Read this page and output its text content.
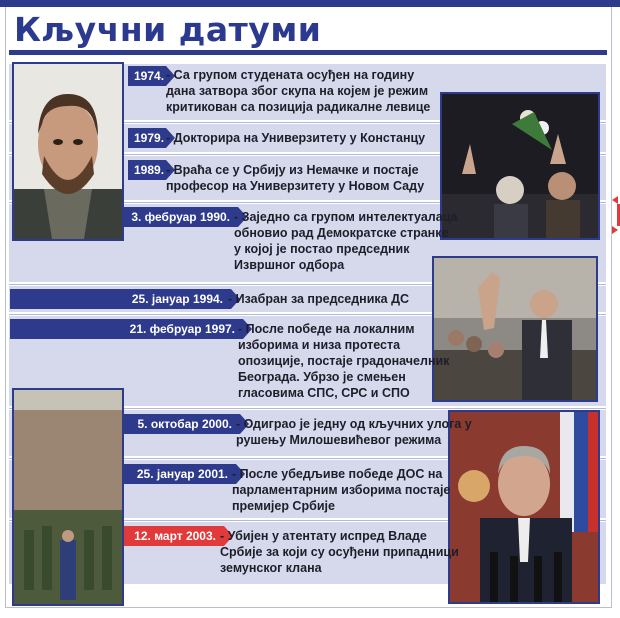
Кључни датуми
1974. - Са групом студената осуђен на годину
дана затвора због скупа на којем је режим
критикован са позиција радикалне левице
1979. - Докторира на Универзитету у Констанцу
1989. - Враћа се у Србију из Немачке и постаје
професор на Универзитету у Новом Саду
3. фебруар 1990. - Заједно са групом интелектуалаца
обновио рад Демократске странке
у којој је постао председник
Извршног одбора
25. јануар 1994. - Изабран за председника ДС
21. фебруар 1997. - После победе на локалним
изборима и низа протеста
опозиције, постаје градоначелник
Београда. Убрзо је смењен
гласовима СПС, СРС и СПО
5. октобар 2000. - Одиграо је једну од кључних улога у
рушењу Милошевићевог режима
25. јануар 2001. - После убедљиве победе ДОС на
парламентарним изборима постаје
премијер Србије
12. март 2003. - Убијен у атентату испред Владе
Србије за који су осуђени припадници
земунског клана
